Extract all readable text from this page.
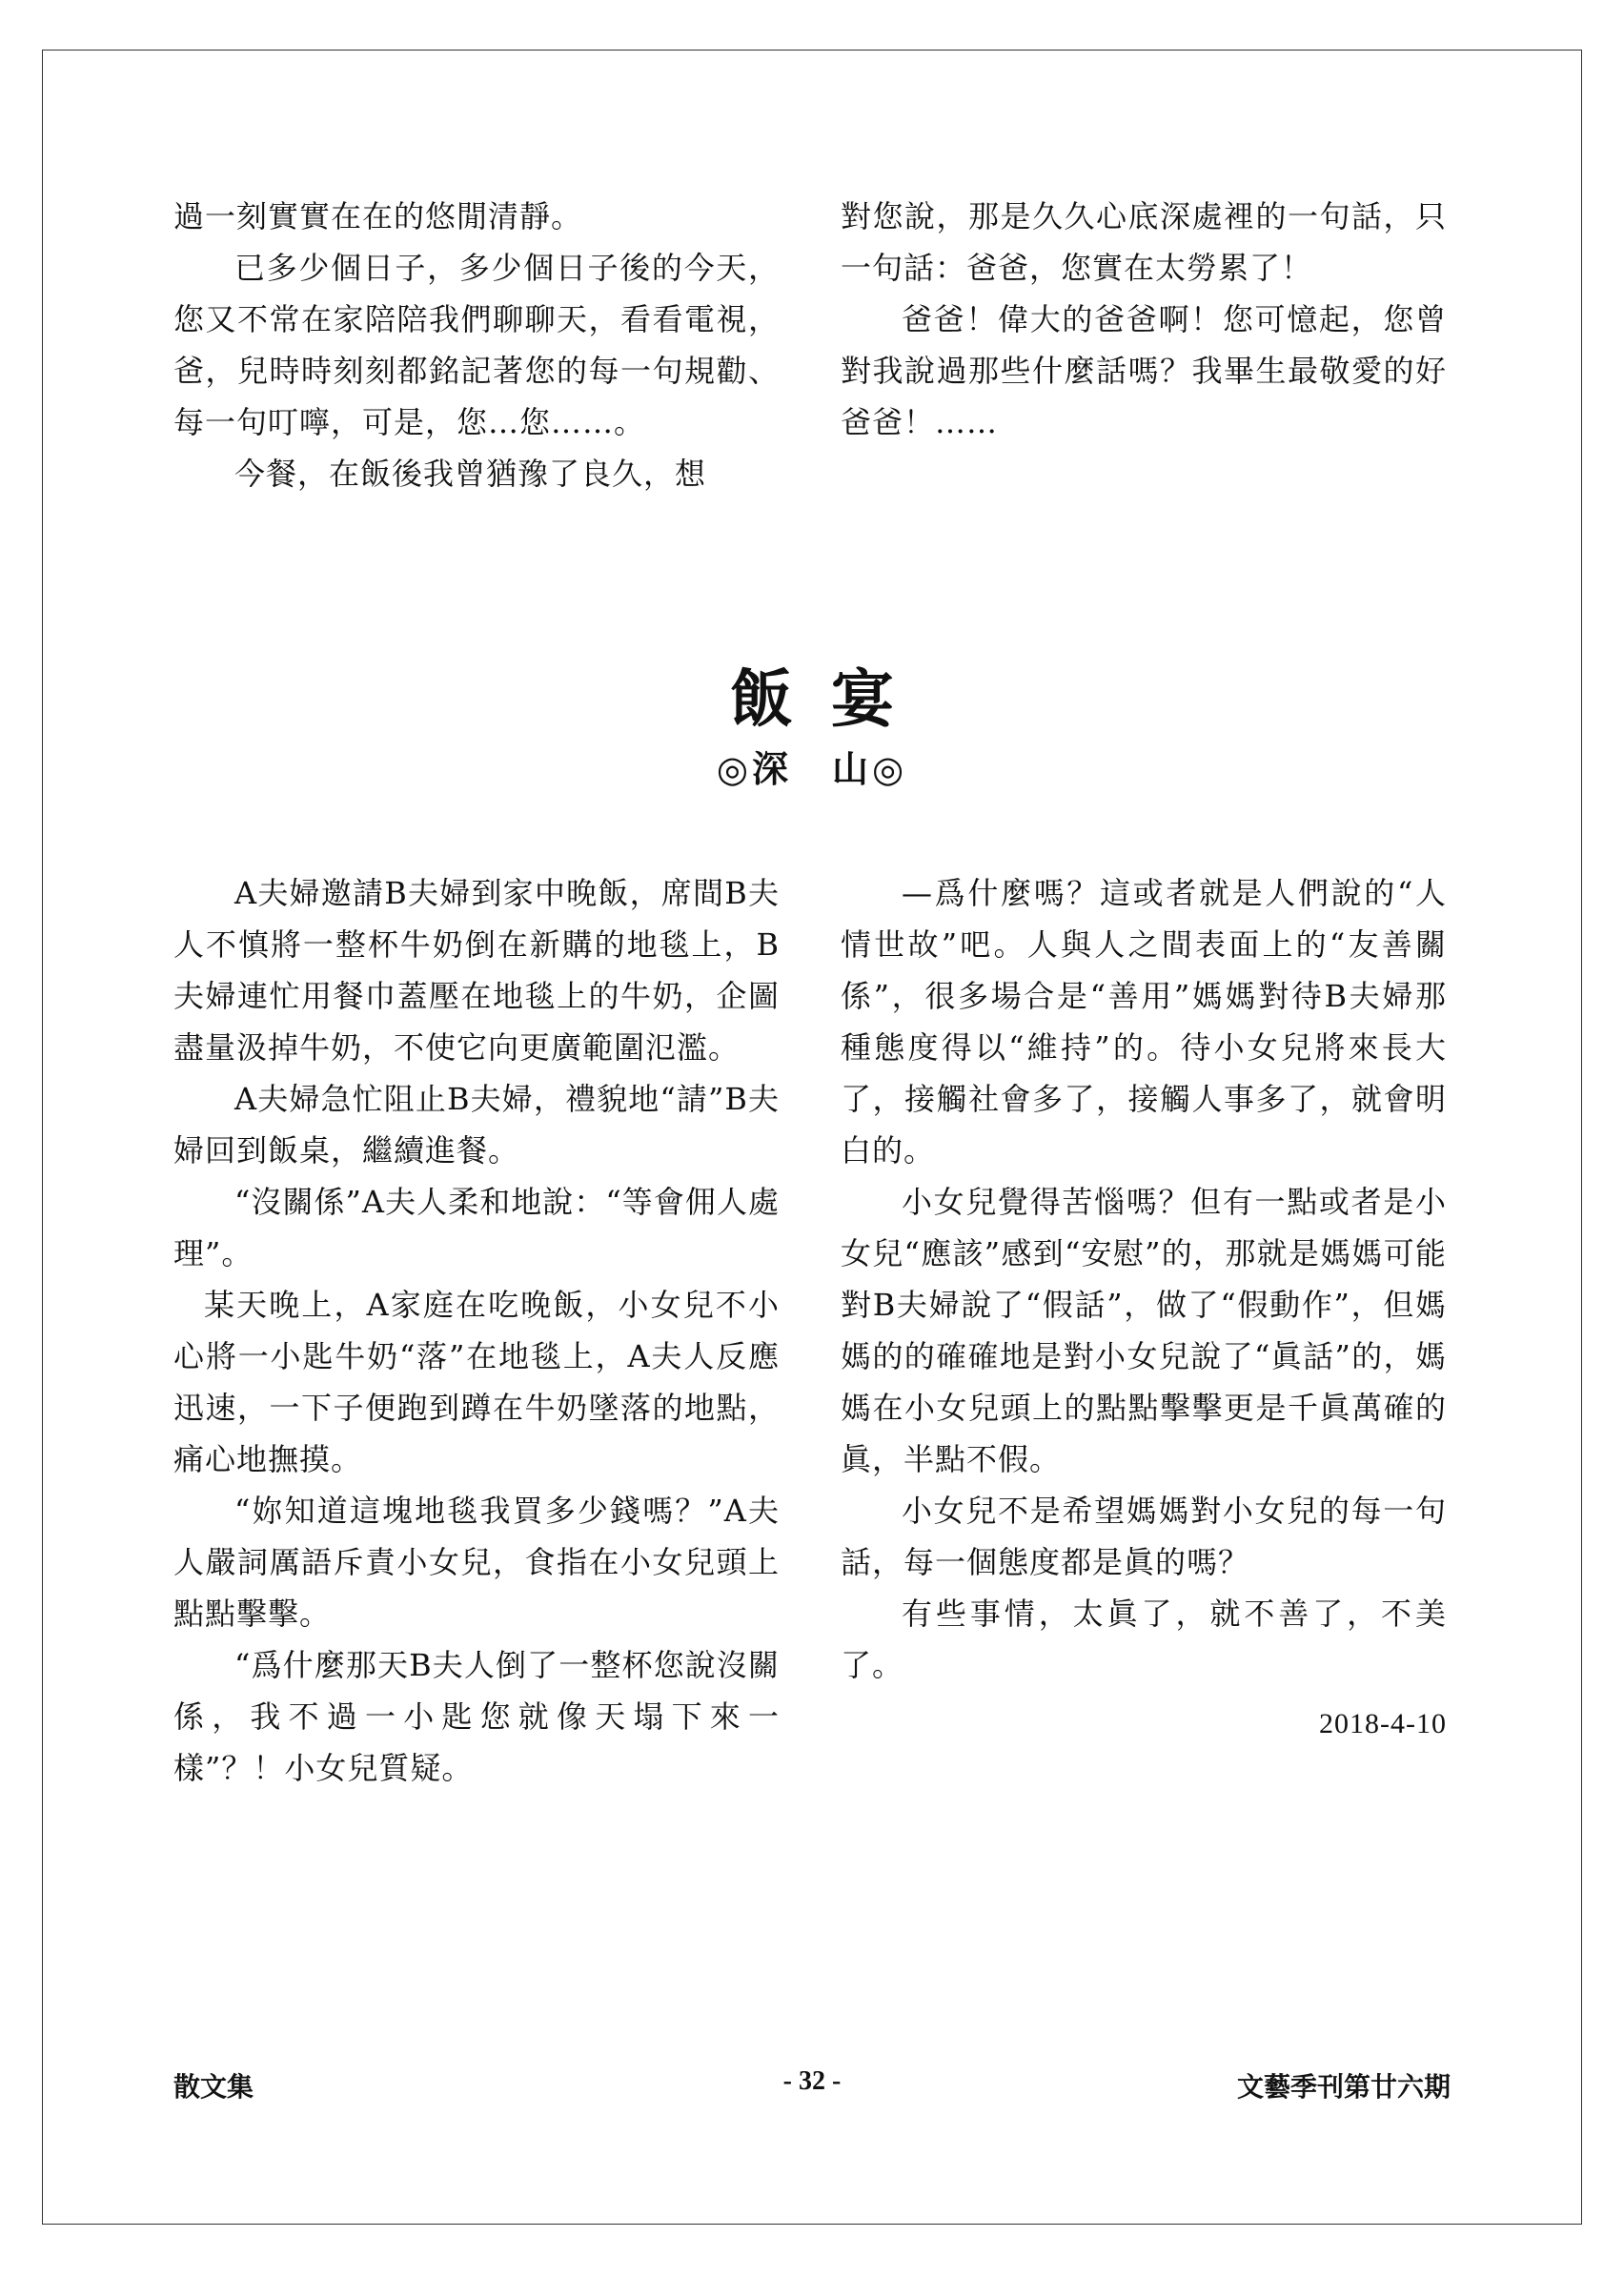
過一刻實實在在的悠閒清靜。

已多少個日子，多少個日子後的今天，您又不常在家陪陪我們聊聊天，看看電視，爸，兒時時刻刻都銘記著您的每一句規勸、每一句叮嚀，可是，您…您……。

今餐，在飯後我曾猶豫了良久，想

對您說，那是久久心底深處裡的一句話，只一句話：爸爸，您實在太勞累了！

爸爸！偉大的爸爸啊！您可憶起，您曾對我說過那些什麼話嗎？我畢生最敬愛的好爸爸！……

飯宴
◎深　山◎

A夫婦邀請B夫婦到家中晚飯，席間B夫人不慎將一整杯牛奶倒在新購的地毯上，B夫婦連忙用餐巾蓋壓在地毯上的牛奶，企圖盡量汲掉牛奶，不使它向更廣範圍氾濫。

A夫婦急忙阻止B夫婦，禮貌地“請”B夫婦回到飯桌，繼續進餐。

“沒關係”A夫人柔和地說：“等會佣人處理”。

某天晚上，A家庭在吃晚飯，小女兒不小心將一小匙牛奶“落”在地毯上，A夫人反應迅速，一下子便跑到蹲在牛奶墜落的地點，痛心地撫摸。

“妳知道這塊地毯我買多少錢嗎？”A夫人嚴詞厲語斥責小女兒，食指在小女兒頭上點點擊擊。

“爲什麼那天B夫人倒了一整杯您說沒關係，我不過一小匙您就像天塌下來一樣”？！小女兒質疑。

—爲什麼嗎？這或者就是人們說的“人情世故”吧。人與人之間表面上的“友善關係”，很多場合是“善用”媽媽對待B夫婦那種態度得以“維持”的。待小女兒將來長大了，接觸社會多了，接觸人事多了，就會明白的。

小女兒覺得苦惱嗎？但有一點或者是小女兒“應該”感到“安慰”的，那就是媽媽可能對B夫婦說了“假話”，做了“假動作”，但媽媽的的確確地是對小女兒說了“眞話”的，媽媽在小女兒頭上的點點擊擊更是千眞萬確的眞，半點不假。

小女兒不是希望媽媽對小女兒的每一句話，每一個態度都是眞的嗎？

有些事情，太眞了，就不善了，不美了。

2018-4-10

散文集	- 32 -	文藝季刊第廿六期
